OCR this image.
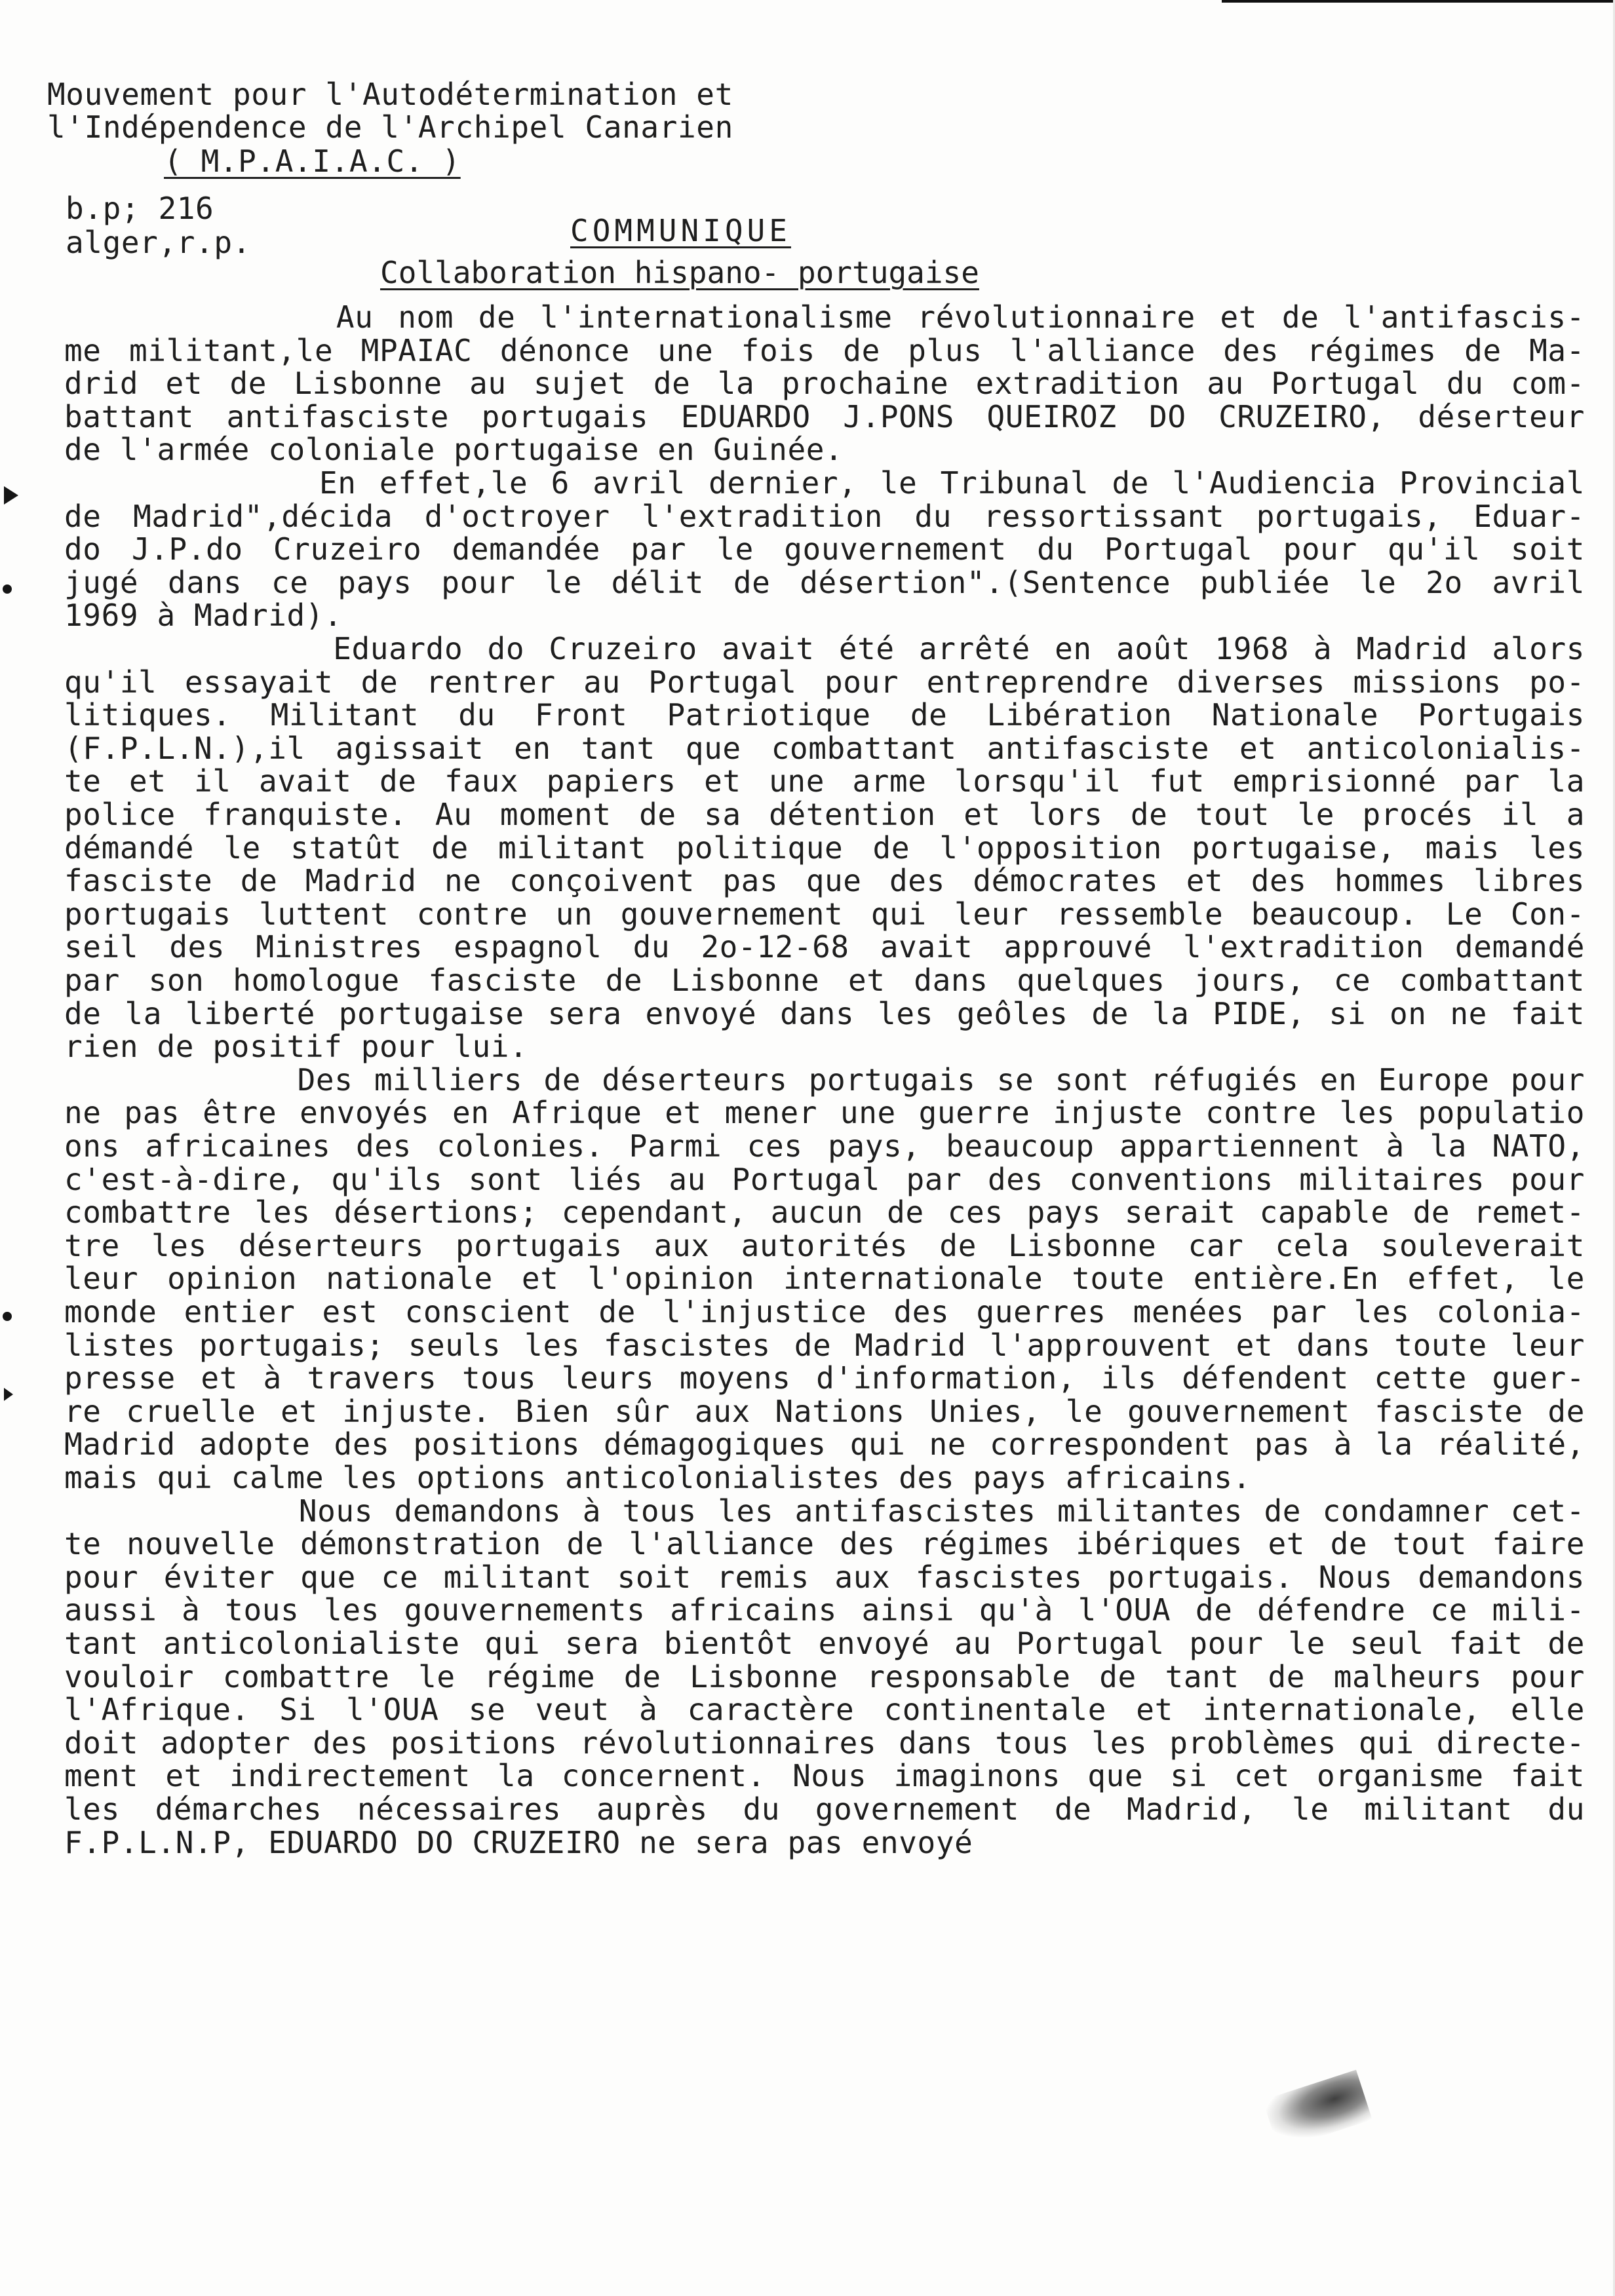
Mouvement pour l'Autodétermination et
l'Indépendence de l'Archipel Canarien
( M.P.A.I.A.C. )
b.p; 216
alger,r.p.	COMMUNIQUE
Collaboration hispano- portugaise
Au nom de l'internationalisme révolutionnaire et de l'antifascis-
me militant,le MPAIAC dénonce une fois de plus l'alliance des régimes de Ma-
drid et de Lisbonne au sujet de la prochaine extradition au Portugal du com-
battant antifasciste portugais EDUARDO J.PONS QUEIROZ DO CRUZEIRO, déserteur
de l'armée coloniale portugaise en Guinée.
En effet,le 6 avril dernier, le Tribunal de l'Audiencia Provincial
de Madrid",décida d'octroyer l'extradition du ressortissant portugais, Eduar-
do J.P.do Cruzeiro demandée par le gouvernement du Portugal pour qu'il soit
jugé dans ce pays pour le délit de désertion".(Sentence publiée le 2o avril
1969 à Madrid).
Eduardo do Cruzeiro avait été arrêté en août 1968 à Madrid alors
qu'il essayait de rentrer au Portugal pour entreprendre diverses missions po-
litiques. Militant du Front Patriotique de Libération Nationale Portugais
(F.P.L.N.),il agissait en tant que combattant antifasciste et anticolonialis-
te et il avait de faux papiers et une arme lorsqu'il fut emprisionné par la
police franquiste. Au moment de sa détention et lors de tout le procés il a
démandé le statût de militant politique de l'opposition portugaise, mais les
fasciste de Madrid ne conçoivent pas que des démocrates et des hommes libres
portugais luttent contre un gouvernement qui leur ressemble beaucoup. Le Con-
seil des Ministres espagnol du 2o-12-68 avait approuvé l'extradition demandé
par son homologue fasciste de Lisbonne et dans quelques jours, ce combattant
de la liberté portugaise sera envoyé dans les geôles de la PIDE, si on ne fait
rien de positif pour lui.
Des milliers de déserteurs portugais se sont réfugiés en Europe pour
ne pas être envoyés en Afrique et mener une guerre injuste contre les populatio
ons africaines des colonies. Parmi ces pays, beaucoup appartiennent à la NATO,
c'est-à-dire, qu'ils sont liés au Portugal par des conventions militaires pour
combattre les désertions; cependant, aucun de ces pays serait capable de remet-
tre les déserteurs portugais aux autorités de Lisbonne car cela souleverait
leur opinion nationale et l'opinion internationale toute entière.En effet, le
monde entier est conscient de l'injustice des guerres menées par les colonia-
listes portugais; seuls les fascistes de Madrid l'approuvent et dans toute leur
presse et à travers tous leurs moyens d'information, ils défendent cette guer-
re cruelle et injuste. Bien sûr aux Nations Unies, le gouvernement fasciste de
Madrid adopte des positions démagogiques qui ne correspondent pas à la réalité,
mais qui calme les options anticolonialistes des pays africains.
Nous demandons à tous les antifascistes militantes de condamner cet-
te nouvelle démonstration de l'alliance des régimes ibériques et de tout faire
pour éviter que ce militant soit remis aux fascistes portugais. Nous demandons
aussi à tous les gouvernements africains ainsi qu'à l'OUA de défendre ce mili-
tant anticolonialiste qui sera bientôt envoyé au Portugal pour le seul fait de
vouloir combattre le régime de Lisbonne responsable de tant de malheurs pour
l'Afrique. Si l'OUA se veut à caractère continentale et internationale, elle
doit adopter des positions révolutionnaires dans tous les problèmes qui directe-
ment et indirectement la concernent. Nous imaginons que si cet organisme fait
les démarches nécessaires auprès du governement de Madrid, le militant du
F.P.L.N.P, EDUARDO DO CRUZEIRO ne sera pas envoyé
